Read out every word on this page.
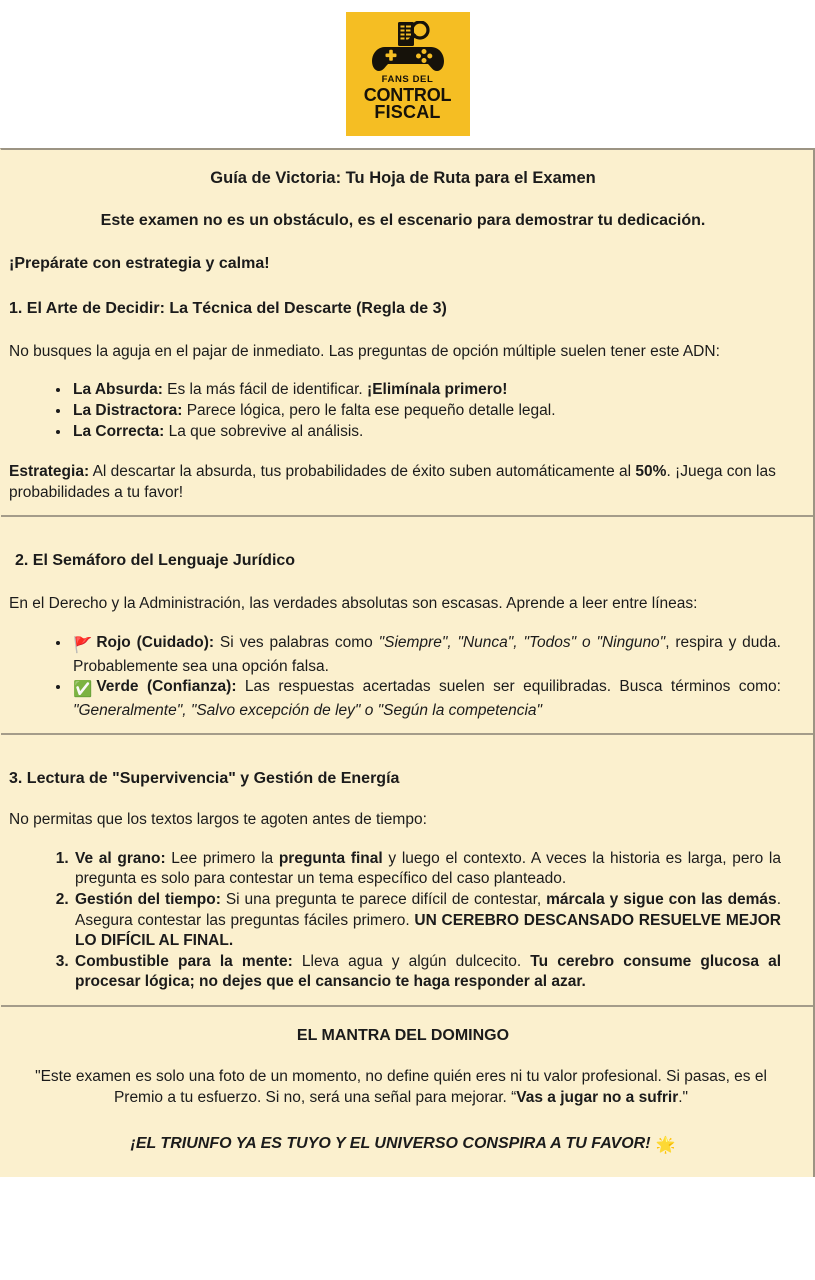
FANS DEL
CONTROL
FISCAL
Guía de Victoria: Tu Hoja de Ruta para el Examen

Este examen no es un obstáculo, es el escenario para demostrar tu dedicación.

¡Prepárate con estrategia y calma!

1. El Arte de Decidir: La Técnica del Descarte (Regla de 3)

No busques la aguja en el pajar de inmediato. Las preguntas de opción múltiple suelen tener este ADN:

• La Absurda: Es la más fácil de identificar. ¡Elimínala primero!
• La Distractora: Parece lógica, pero le falta ese pequeño detalle legal.
• La Correcta: La que sobrevive al análisis.

Estrategia: Al descartar la absurda, tus probabilidades de éxito suben automáticamente al 50%. ¡Juega con las probabilidades a tu favor!

2. El Semáforo del Lenguaje Jurídico

En el Derecho y la Administración, las verdades absolutas son escasas. Aprende a leer entre líneas:

• 🚩 Rojo (Cuidado): Si ves palabras como "Siempre", "Nunca", "Todos" o "Ninguno", respira y duda. Probablemente sea una opción falsa.
• ✅ Verde (Confianza): Las respuestas acertadas suelen ser equilibradas. Busca términos como: "Generalmente", "Salvo excepción de ley" o "Según la competencia"
3. Lectura de "Supervivencia" y Gestión de Energía

No permitas que los textos largos te agoten antes de tiempo:

1. Ve al grano: Lee primero la pregunta final y luego el contexto. A veces la historia es larga, pero la pregunta es solo para contestar un tema específico del caso planteado.
2. Gestión del tiempo: Si una pregunta te parece difícil de contestar, márcala y sigue con las demás. Asegura contestar las preguntas fáciles primero. UN CEREBRO DESCANSADO RESUELVE MEJOR LO DIFÍCIL AL FINAL.
3. Combustible para la mente: Lleva agua y algún dulcecito. Tu cerebro consume glucosa al procesar lógica; no dejes que el cansancio te haga responder al azar.
EL MANTRA DEL DOMINGO

"Este examen es solo una foto de un momento, no define quién eres ni tu valor profesional. Si pasas, es el Premio a tu esfuerzo. Si no, será una señal para mejorar. “Vas a jugar no a sufrir."

¡EL TRIUNFO YA ES TUYO Y EL UNIVERSO CONSPIRA A TU FAVOR! 🌟
